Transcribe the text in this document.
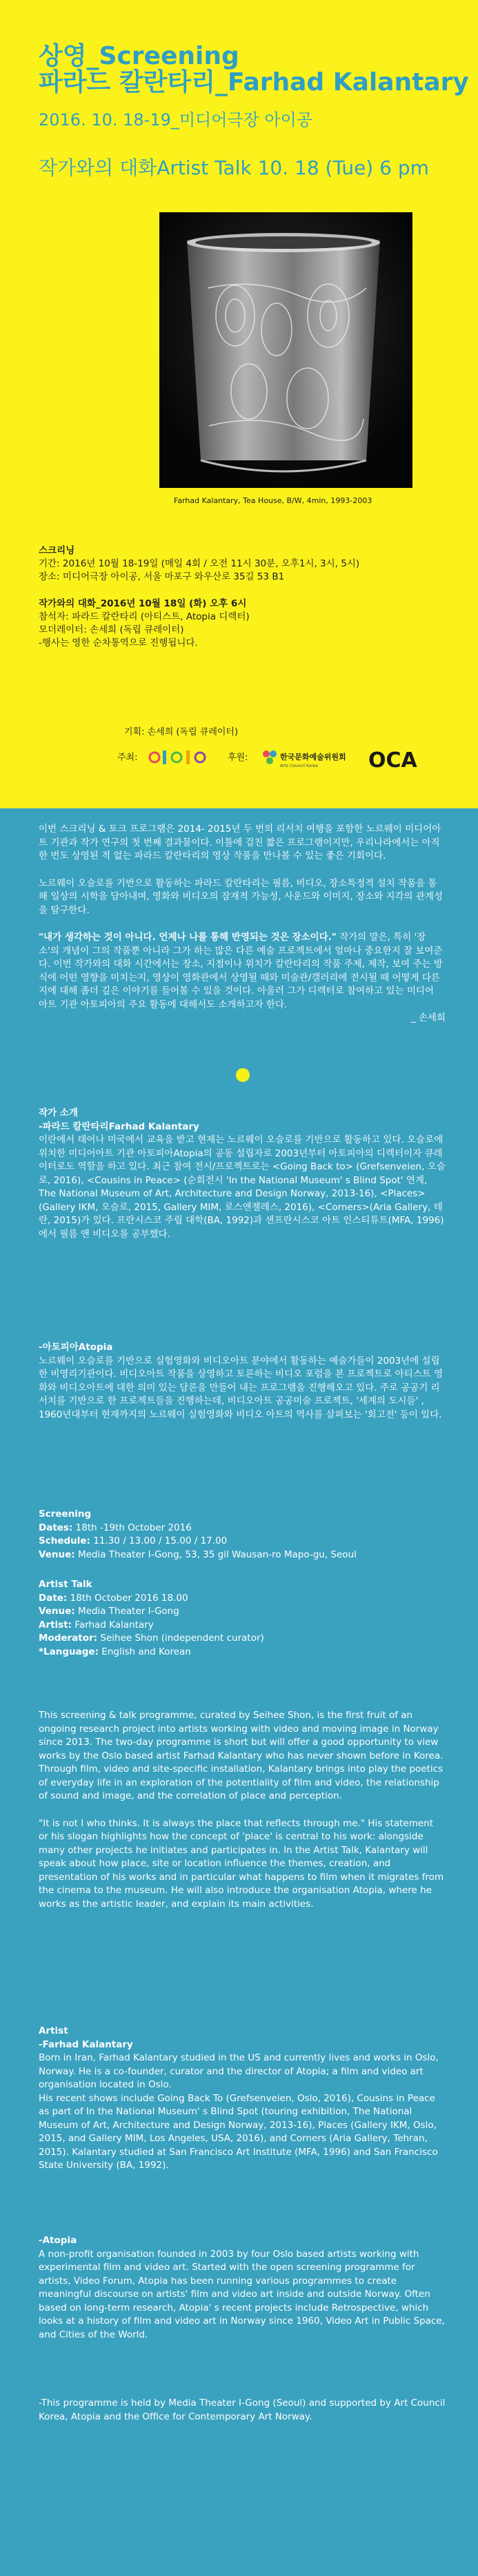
상영_Screening
파라드 칼란타리_Farhad Kalantary
2016. 10. 18-19_미디어극장 아이공
작가와의 대화Artist Talk 10. 18 (Tue) 6 pm
Farhad Kalantary, Tea House, B/W, 4min, 1993-2003
스크리닝
기간: 2016년 10월 18-19일 (매일 4회 / 오전 11시 30분, 오후1시, 3시, 5시)
장소: 미디어극장 아이공, 서울 마포구 와우산로 35길 53 B1
작가와의 대화_2016년 10월 18일 (화) 오후 6시
참석자: 파라드 칼란타리 (아티스트, Atopia 디렉터)
모더레이터: 손세희 (독립 큐레이터)
-행사는 영한 순차통역으로 진행됩니다.
기획: 손세희 (독립 큐레이터)
주최:	후원:	한국문화예술위원회
Arts Council Korea OCA

이번 스크리닝 & 토크 프로그램은 2014- 2015년 두 번의 리서치 여행을 포함한 노르웨이 미디어아트 기관과 작가 연구의 첫 번째 결과물이다. 이틀에 걸친 짧은 프로그램이지만, 우리나라에서는 아직 한 번도 상영된 적 없는 파라드 칼란타리의 영상 작품을 만나볼 수 있는 좋은 기회이다.

노르웨이 오슬로를 기반으로 활동하는 파라드 칼란타리는 필름, 비디오, 장소특정적 설치 작품을 통해 일상의 시학을 담아내며, 영화와 비디오의 잠재적 가능성, 사운드와 이미지, 장소와 지각의 관계성을 탐구한다.

"내가 생각하는 것이 아니다. 언제나 나를 통해 반영되는 것은 장소이다." 작가의 말은, 특히 '장소'의 개념이 그의 작품뿐 아니라 그가 하는 많은 다른 예술 프로젝트에서 얼마나 중요한지 잘 보여준다. 이번 작가와의 대화 시간에서는 장소, 지점이나 위치가 칼란타리의 작품 주제, 제작, 보여 주는 방식에 어떤 영향을 미치는지, 영상이 영화관에서 상영될 때와 미술관/갤러리에 전시될 때 어떻게 다른지에 대해 좀더 깊은 이야기를 들어볼 수 있을 것이다. 아울러 그가 디렉터로 참여하고 있는 미디어 아트 기관 아토피아의 주요 활동에 대해서도 소개하고자 한다.

_ 손세희
작가 소개
-파라드 칼란타리Farhad Kalantary

이란에서 태어나 미국에서 교육을 받고 현재는 노르웨이 오슬로를 기반으로 활동하고 있다. 오슬로에 위치한 미디어아트 기관 아토피아Atopia의 공동 설립자로 2003년부터 아토피아의 디렉터이자 큐레이터로도 역할을 하고 있다. 최근 참여 전시/프로젝트로는 <Going Back to> (Grefsenveien, 오슬로, 2016), <Cousins in Peace> (순회전시 'In the National Museum' s Blind Spot' 연계, The National Museum of Art, Architecture and Design Norway, 2013-16), <Places> (Gallery IKM, 오슬로, 2015, Gallery MIM, 로스앤젤레스, 2016), <Corners>(Aria Gallery, 테란, 2015)가 있다. 프란시스코 주립 대학(BA, 1992)과 샌프란시스코 아트 인스티튜트(MFA, 1996)에서 필름 앤 비디오를 공부했다.

-아토피아Atopia

노르웨이 오슬로를 기반으로 실험영화와 비디오아트 분야에서 활동하는 예술가들이 2003년에 설립한 비영리기관이다. 비디오아트 작품을 상영하고 토론하는 비디오 포럼을 본 프로젝트로 아티스트 영화와 비디오아트에 대한 의미 있는 담론을 만들어 내는 프로그램을 진행해오고 있다. 주로 공공기 리서치를 기반으로 한 프로젝트들을 진행하는데, 비디오아트 공공미술 프로젝트, '세계의 도시들' , 1960년대부터 현재까지의 노르웨이 실험영화와 비디오 아트의 역사를 살펴보는 '회고전' 등이 있다.

Screening
Dates: 18th -19th October 2016
Schedule: 11.30 / 13.00 / 15.00 / 17.00
Venue: Media Theater I-Gong, 53, 35 gil Wausan-ro Mapo-gu, Seoul
Artist Talk
Date: 18th October 2016 18.00
Venue: Media Theater I-Gong
Artist: Farhad Kalantary
Moderator: Seihee Shon (independent curator)
*Language: English and Korean

This screening & talk programme, curated by Seihee Shon, is the first fruit of an ongoing research project into artists working with video and moving image in Norway since 2013. The two-day programme is short but will offer a good opportunity to view works by the Oslo based artist Farhad Kalantary who has never shown before in Korea. Through film, video and site-specific installation, Kalantary brings into play the poetics of everyday life in an exploration of the potentiality of film and video, the relationship of sound and image, and the correlation of place and perception.

"It is not I who thinks. It is always the place that reflects through me." His statement or his slogan highlights how the concept of 'place' is central to his work: alongside many other projects he initiates and participates in. In the Artist Talk, Kalantary will speak about how place, site or location influence the themes, creation, and presentation of his works and in particular what happens to film when it migrates from the cinema to the museum. He will also introduce the organisation Atopia, where he works as the artistic leader, and explain its main activities.

Artist
-Farhad Kalantary

Born in Iran, Farhad Kalantary studied in the US and currently lives and works in Oslo, Norway. He is a co-founder, curator and the director of Atopia; a film and video art organisation located in Oslo.

His recent shows include Going Back To (Grefsenveien, Oslo, 2016), Cousins in Peace as part of In the National Museum' s Blind Spot (touring exhibition, The National Museum of Art, Architecture and Design Norway, 2013-16), Places (Gallery IKM, Oslo, 2015, and Gallery MIM, Los Angeles, USA, 2016), and Corners (Aria Gallery, Tehran, 2015). Kalantary studied at San Francisco Art Institute (MFA, 1996) and San Francisco State University (BA, 1992).

-Atopia

A non-profit organisation founded in 2003 by four Oslo based artists working with experimental film and video art. Started with the open screening programme for artists, Video Forum, Atopia has been running various programmes to create meaningful discourse on artists' film and video art inside and outside Norway. Often based on long-term research, Atopia' s recent projects include Retrospective, which looks at a history of film and video art in Norway since 1960, Video Art in Public Space, and Cities of the World.

-This programme is held by Media Theater I-Gong (Seoul) and supported by Art Council Korea, Atopia and the Office for Contemporary Art Norway.
